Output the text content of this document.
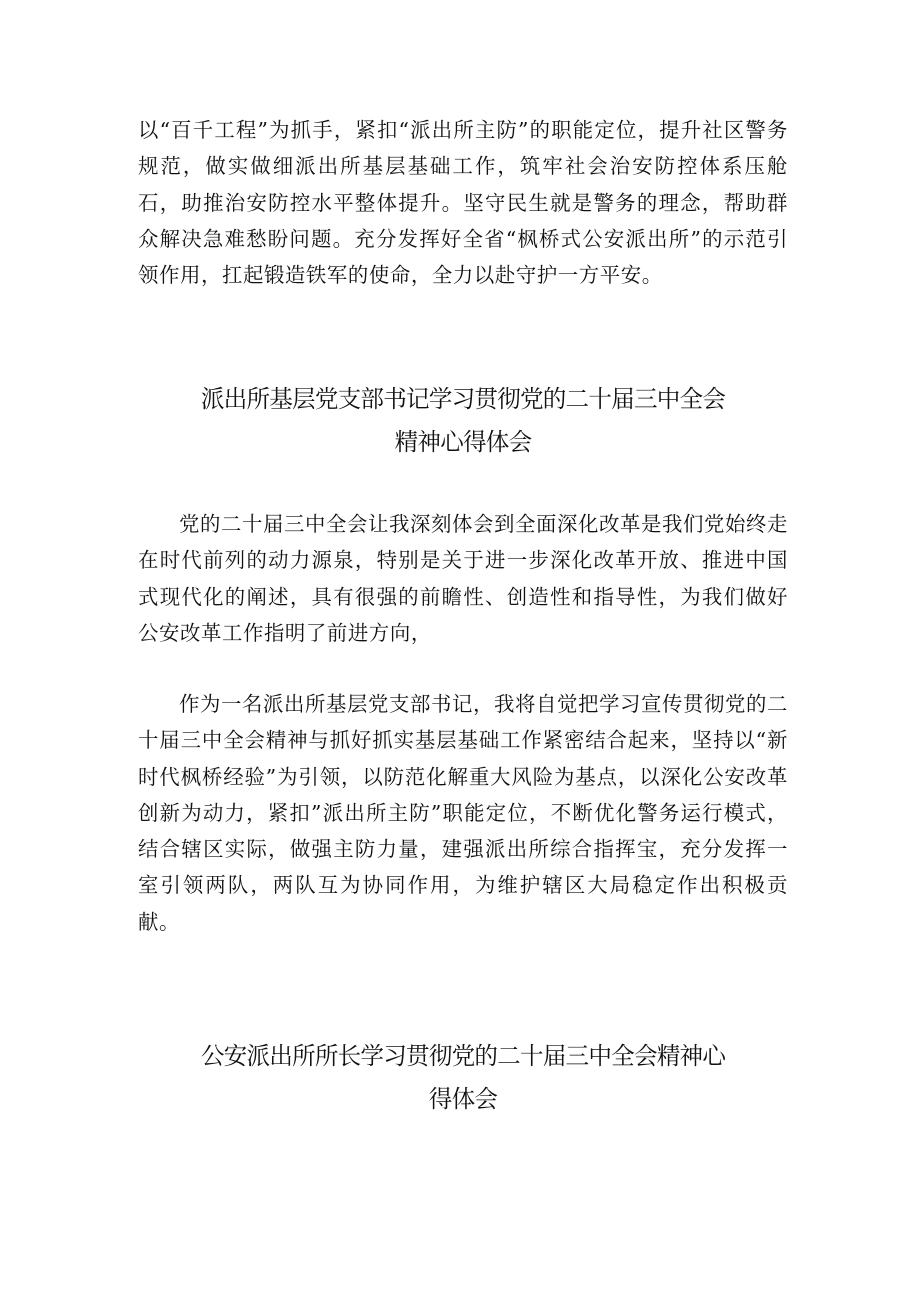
以“百千工程”为抓手，紧扣“派出所主防”的职能定位，提升社区警务规范，做实做细派出所基层基础工作，筑牢社会治安防控体系压舱石，助推治安防控水平整体提升。坚守民生就是警务的理念，帮助群众解决急难愁盼问题。充分发挥好全省“枫桥式公安派出所”的示范引领作用，扛起锻造铁军的使命，全力以赴守护一方平安。

派出所基层党支部书记学习贯彻党的二十届三中全会
精神心得体会

党的二十届三中全会让我深刻体会到全面深化改革是我们党始终走在时代前列的动力源泉，特别是关于进一步深化改革开放、推进中国式现代化的阐述，具有很强的前瞻性、创造性和指导性，为我们做好公安改革工作指明了前进方向，

作为一名派出所基层党支部书记，我将自觉把学习宣传贯彻党的二十届三中全会精神与抓好抓实基层基础工作紧密结合起来，坚持以“新时代枫桥经验”为引领，以防范化解重大风险为基点，以深化公安改革创新为动力，紧扣”派出所主防”职能定位，不断优化警务运行模式，结合辖区实际，做强主防力量，建强派出所综合指挥宝，充分发挥一室引领两队，两队互为协同作用，为维护辖区大局稳定作出积极贡献。

公安派出所所长学习贯彻党的二十届三中全会精神心
得体会
